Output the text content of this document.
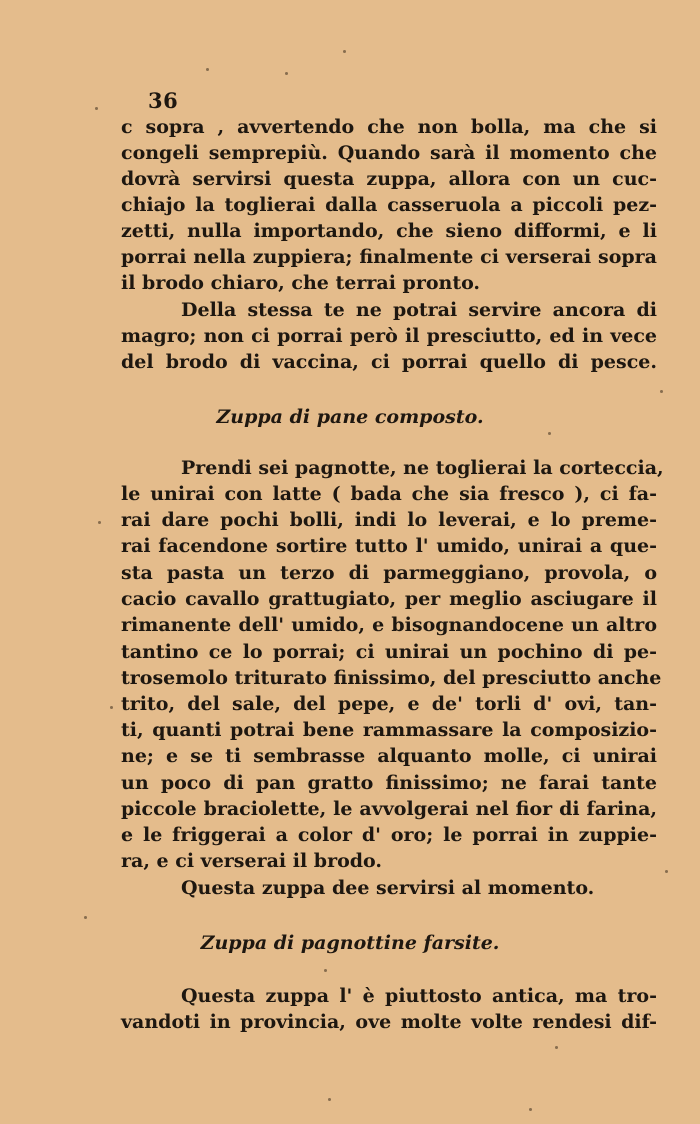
36
c sopra , avvertendo che non bolla, ma che si
congeli semprepiù. Quando sarà il momento che
dovrà servirsi questa zuppa, allora con un cuc-
chiajo la toglierai dalla casseruola a piccoli pez-
zetti, nulla importando, che sieno difformi, e li
porrai nella zuppiera; finalmente ci verserai sopra
il brodo chiaro, che terrai pronto.
Della stessa te ne potrai servire ancora di
magro; non ci porrai però il presciutto, ed in vece
del brodo di vaccina, ci porrai quello di pesce.
Zuppa di pane composto.
Prendi sei pagnotte, ne toglierai la corteccia,
le unirai con latte ( bada che sia fresco ), ci fa-
rai dare pochi bolli, indi lo leverai, e lo preme-
rai facendone sortire tutto l' umido, unirai a que-
sta pasta un terzo di parmeggiano, provola, o
cacio cavallo grattugiato, per meglio asciugare il
rimanente dell' umido, e bisognandocene un altro
tantino ce lo porrai; ci unirai un pochino di pe-
trosemolo triturato finissimo, del presciutto anche
trito, del sale, del pepe, e de' torli d' ovi, tan-
ti, quanti potrai bene rammassare la composizio-
ne; e se ti sembrasse alquanto molle, ci unirai
un poco di pan gratto finissimo; ne farai tante
piccole braciolette, le avvolgerai nel fior di farina,
e le friggerai a color d' oro; le porrai in zuppie-
ra, e ci verserai il brodo.
Questa zuppa dee servirsi al momento.
Zuppa di pagnottine farsite.
Questa zuppa l' è piuttosto antica, ma tro-
vandoti in provincia, ove molte volte rendesi dif-
